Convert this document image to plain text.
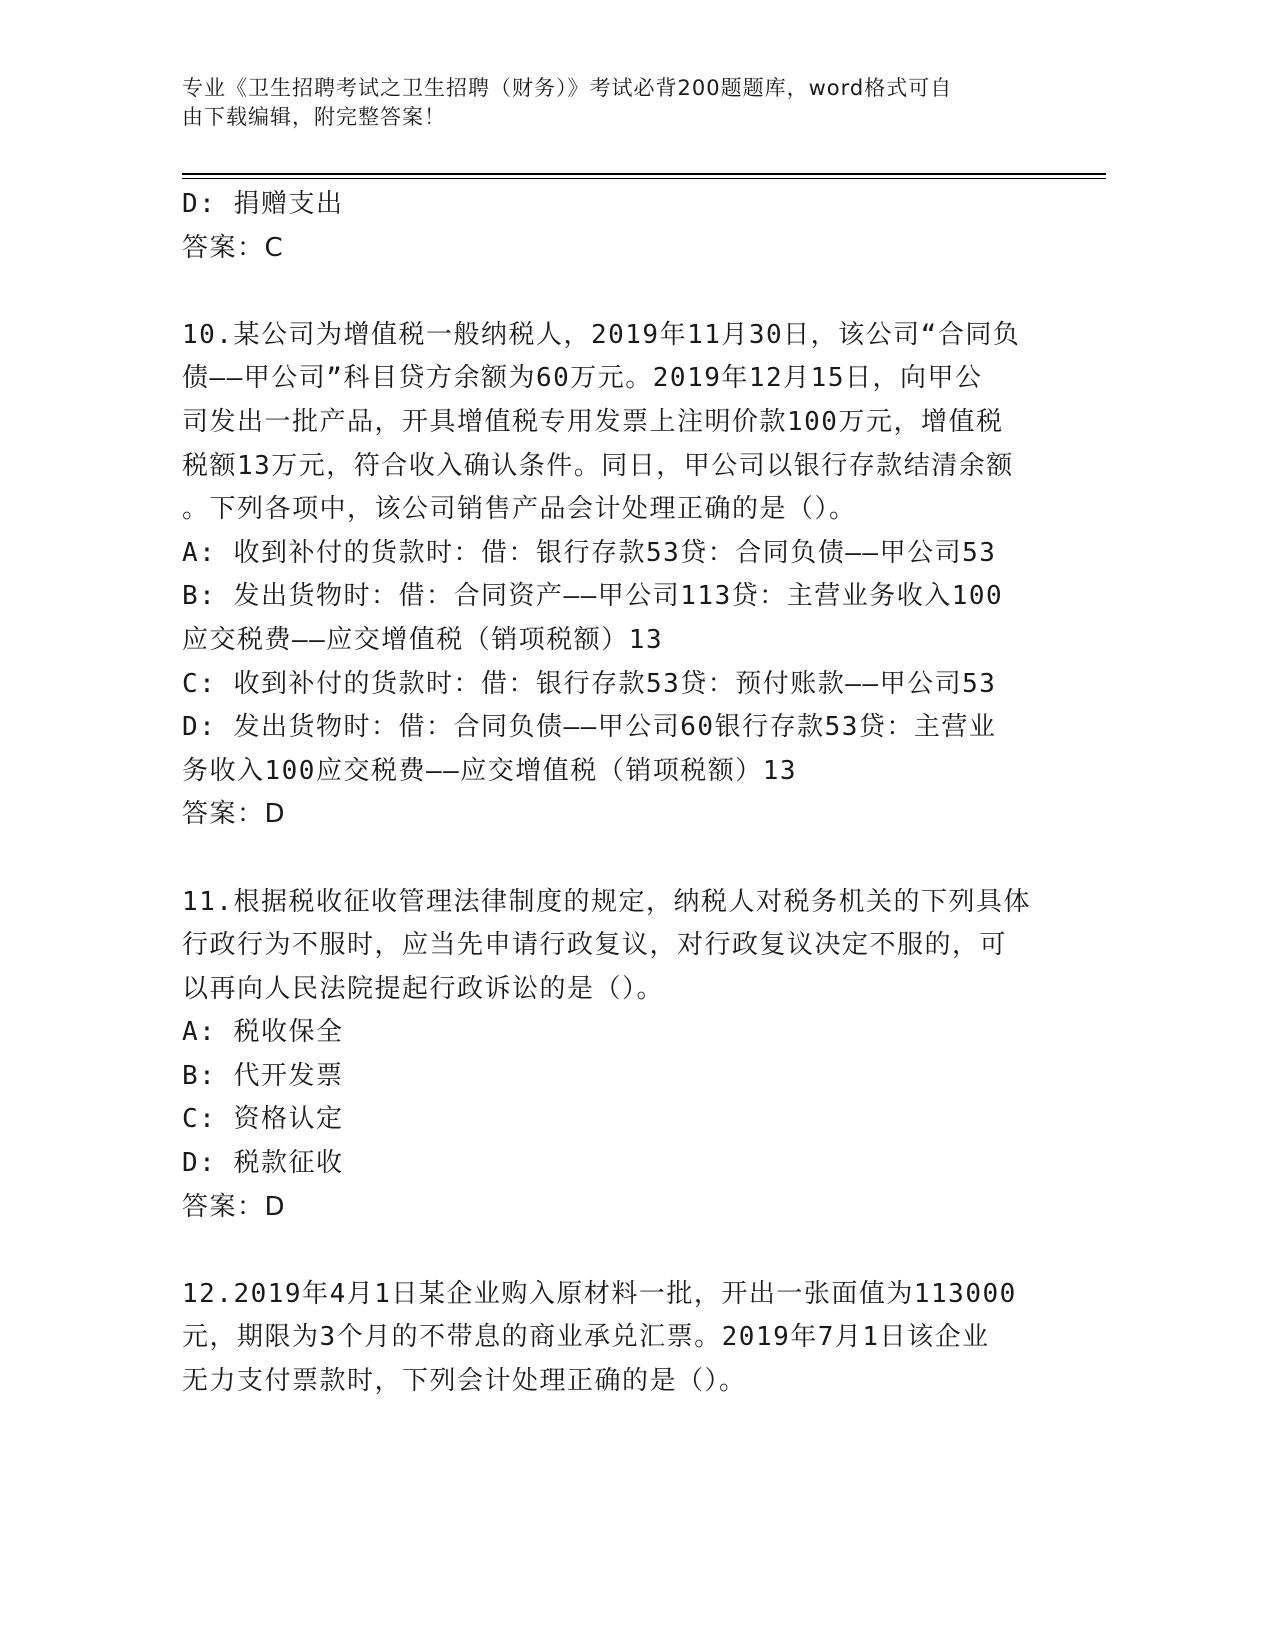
专业《卫生招聘考试之卫生招聘（财务）》考试必背200题题库，word格式可自
由下载编辑，附完整答案！
D: 捐赠支出
答案：C
10.某公司为增值税一般纳税人，2019年11月30日，该公司“合同负
债——甲公司”科目贷方余额为60万元。2019年12月15日，向甲公
司发出一批产品，开具增值税专用发票上注明价款100万元，增值税
税额13万元，符合收入确认条件。同日，甲公司以银行存款结清余额
。下列各项中，该公司销售产品会计处理正确的是（）。
A: 收到补付的货款时：借：银行存款53贷：合同负债——甲公司53
B: 发出货物时：借：合同资产——甲公司113贷：主营业务收入100
应交税费——应交增值税（销项税额）13
C: 收到补付的货款时：借：银行存款53贷：预付账款——甲公司53
D: 发出货物时：借：合同负债——甲公司60银行存款53贷：主营业
务收入100应交税费——应交增值税（销项税额）13
答案：D
11.根据税收征收管理法律制度的规定，纳税人对税务机关的下列具体
行政行为不服时，应当先申请行政复议，对行政复议决定不服的，可
以再向人民法院提起行政诉讼的是（）。
A: 税收保全
B: 代开发票
C: 资格认定
D: 税款征收
答案：D
12.2019年4月1日某企业购入原材料一批，开出一张面值为113000
元，期限为3个月的不带息的商业承兑汇票。2019年7月1日该企业
无力支付票款时，下列会计处理正确的是（）。
